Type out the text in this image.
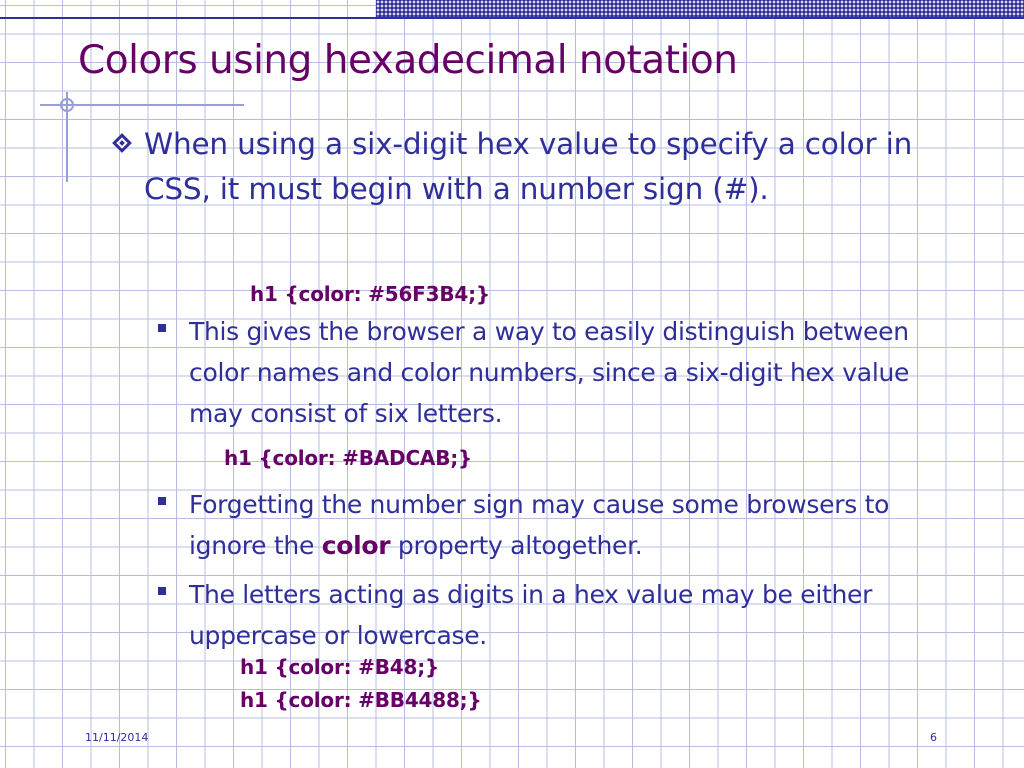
Colors using hexadecimal notation
When using a six-digit hex value to specify a color in CSS, it must begin with a number sign (#).
h1 {color: #56F3B4;}
This gives the browser a way to easily distinguish between color names and color numbers, since a six-digit hex value may consist of six letters.
h1 {color: #BADCAB;}
Forgetting the number sign may cause some browsers to ignore the color property altogether.
The letters acting as digits in a hex value may be either uppercase or lowercase.
h1 {color: #B48;}
h1 {color: #BB4488;}
11/11/2014	6
